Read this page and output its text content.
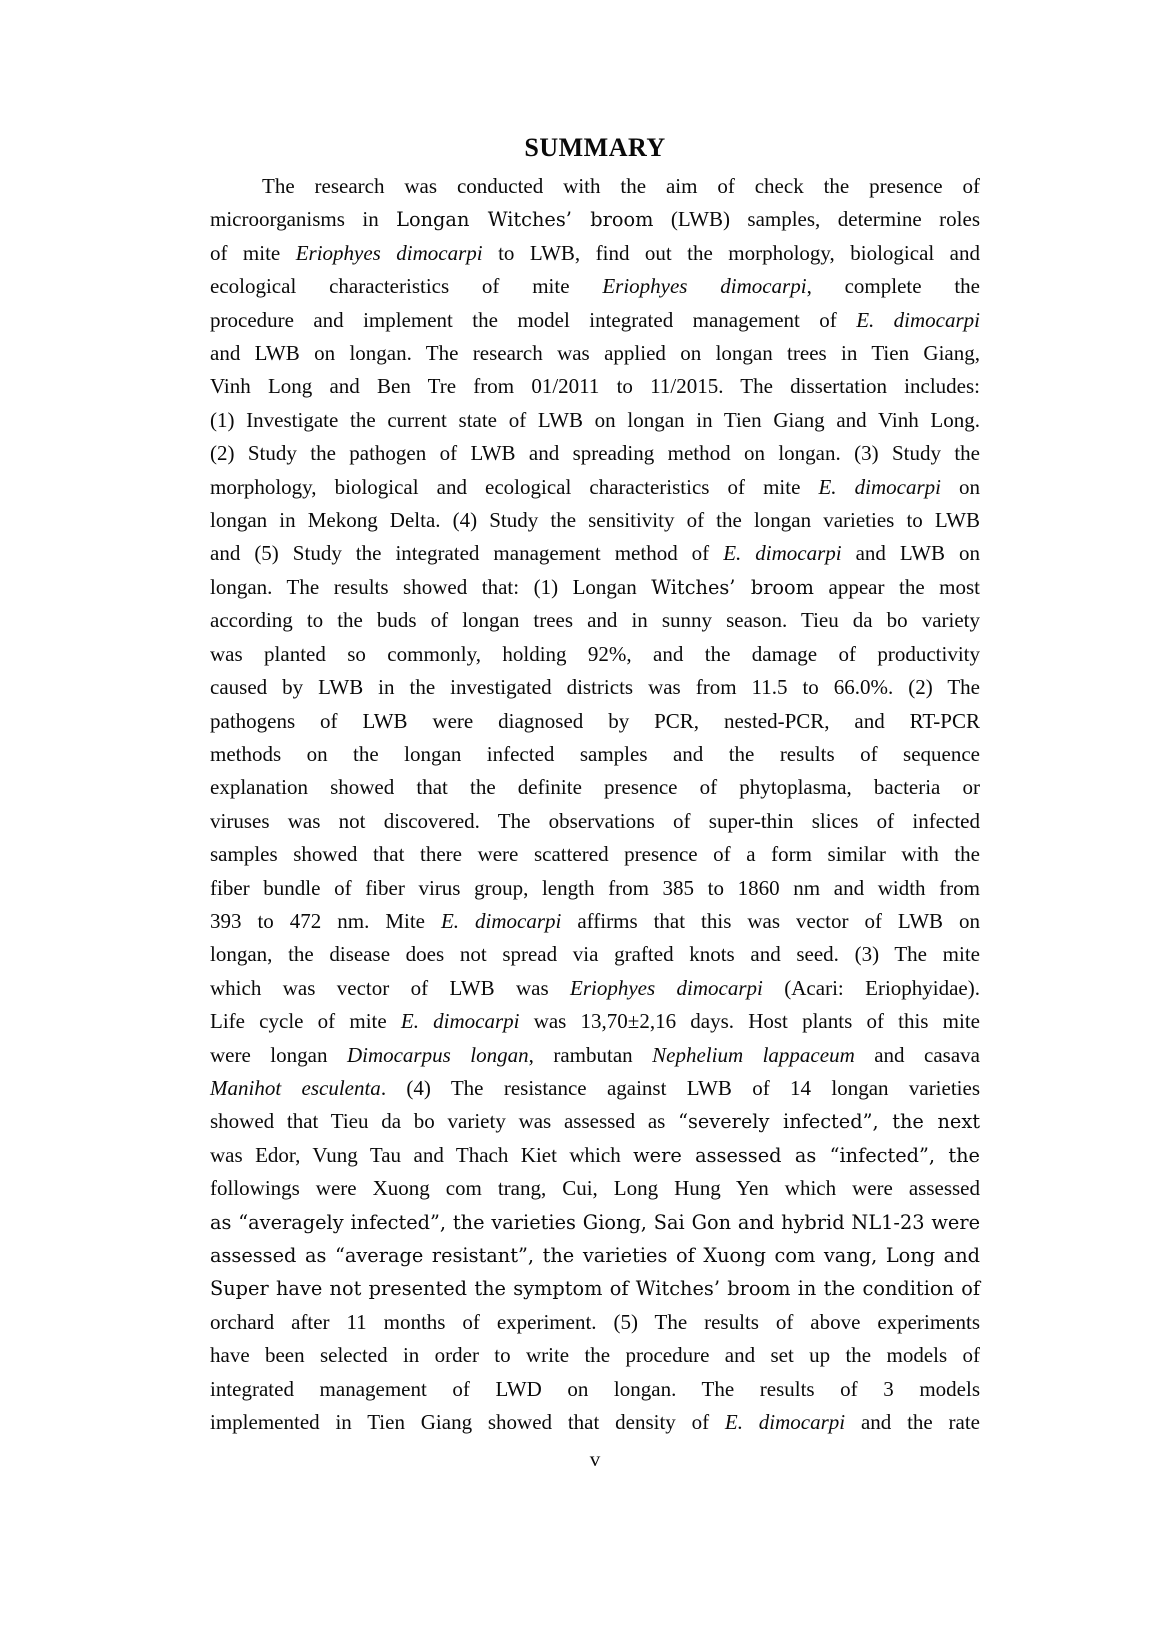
SUMMARY
The research was conducted with the aim of check the presence of
microorganisms in Longan Witches’ broom (LWB) samples, determine roles
of mite Eriophyes dimocarpi to LWB, find out the morphology, biological and
ecological characteristics of mite Eriophyes dimocarpi, complete the
procedure and implement the model integrated management of E. dimocarpi
and LWB on longan. The research was applied on longan trees in Tien Giang,
Vinh Long and Ben Tre from 01/2011 to 11/2015. The dissertation includes:
(1) Investigate the current state of LWB on longan in Tien Giang and Vinh Long.
(2) Study the pathogen of LWB and spreading method on longan. (3) Study the
morphology, biological and ecological characteristics of mite E. dimocarpi on
longan in Mekong Delta. (4) Study the sensitivity of the longan varieties to LWB
and (5) Study the integrated management method of E. dimocarpi and LWB on
longan. The results showed that: (1) Longan Witches’ broom appear the most
according to the buds of longan trees and in sunny season. Tieu da bo variety
was planted so commonly, holding 92%, and the damage of productivity
caused by LWB in the investigated districts was from 11.5 to 66.0%. (2) The
pathogens of LWB were diagnosed by PCR, nested-PCR, and RT-PCR
methods on the longan infected samples and the results of sequence
explanation showed that the definite presence of phytoplasma, bacteria or
viruses was not discovered. The observations of super-thin slices of infected
samples showed that there were scattered presence of a form similar with the
fiber bundle of fiber virus group, length from 385 to 1860 nm and width from
393 to 472 nm. Mite E. dimocarpi affirms that this was vector of LWB on
longan, the disease does not spread via grafted knots and seed. (3) The mite
which was vector of LWB was Eriophyes dimocarpi (Acari: Eriophyidae).
Life cycle of mite E. dimocarpi was 13,70±2,16 days. Host plants of this mite
were longan Dimocarpus longan, rambutan Nephelium lappaceum and casava
Manihot esculenta. (4) The resistance against LWB of 14 longan varieties
showed that Tieu da bo variety was assessed as “severely infected”, the next
was Edor, Vung Tau and Thach Kiet which were assessed as “infected”, the
followings were Xuong com trang, Cui, Long Hung Yen which were assessed
as “averagely infected”, the varieties Giong, Sai Gon and hybrid NL1-23 were
assessed as “average resistant”, the varieties of Xuong com vang, Long and
Super have not presented the symptom of Witches’ broom in the condition of
orchard after 11 months of experiment. (5) The results of above experiments
have been selected in order to write the procedure and set up the models of
integrated management of LWD on longan. The results of 3 models
implemented in Tien Giang showed that density of E. dimocarpi and the rate
v
